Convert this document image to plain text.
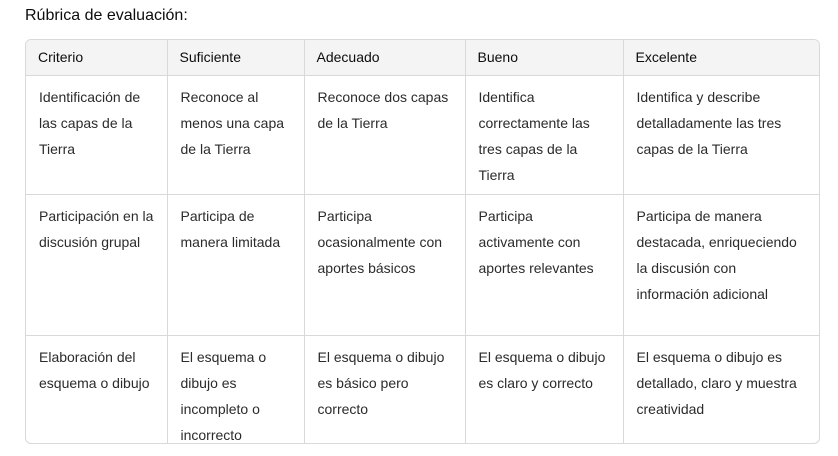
Rúbrica de evaluación:
Criterio	Suficiente	Adecuado	Bueno	Excelente
Identificación de las capas de la Tierra	Reconoce al menos una capa de la Tierra	Reconoce dos capas de la Tierra	Identifica correctamente las tres capas de la Tierra	Identifica y describe detalladamente las tres capas de la Tierra
Participación en la discusión grupal	Participa de manera limitada	Participa ocasionalmente con aportes básicos	Participa activamente con aportes relevantes	Participa de manera destacada, enriqueciendo la discusión con información adicional
Elaboración del esquema o dibujo	El esquema o dibujo es incompleto o incorrecto	El esquema o dibujo es básico pero correcto	El esquema o dibujo es claro y correcto	El esquema o dibujo es detallado, claro y muestra creatividad
